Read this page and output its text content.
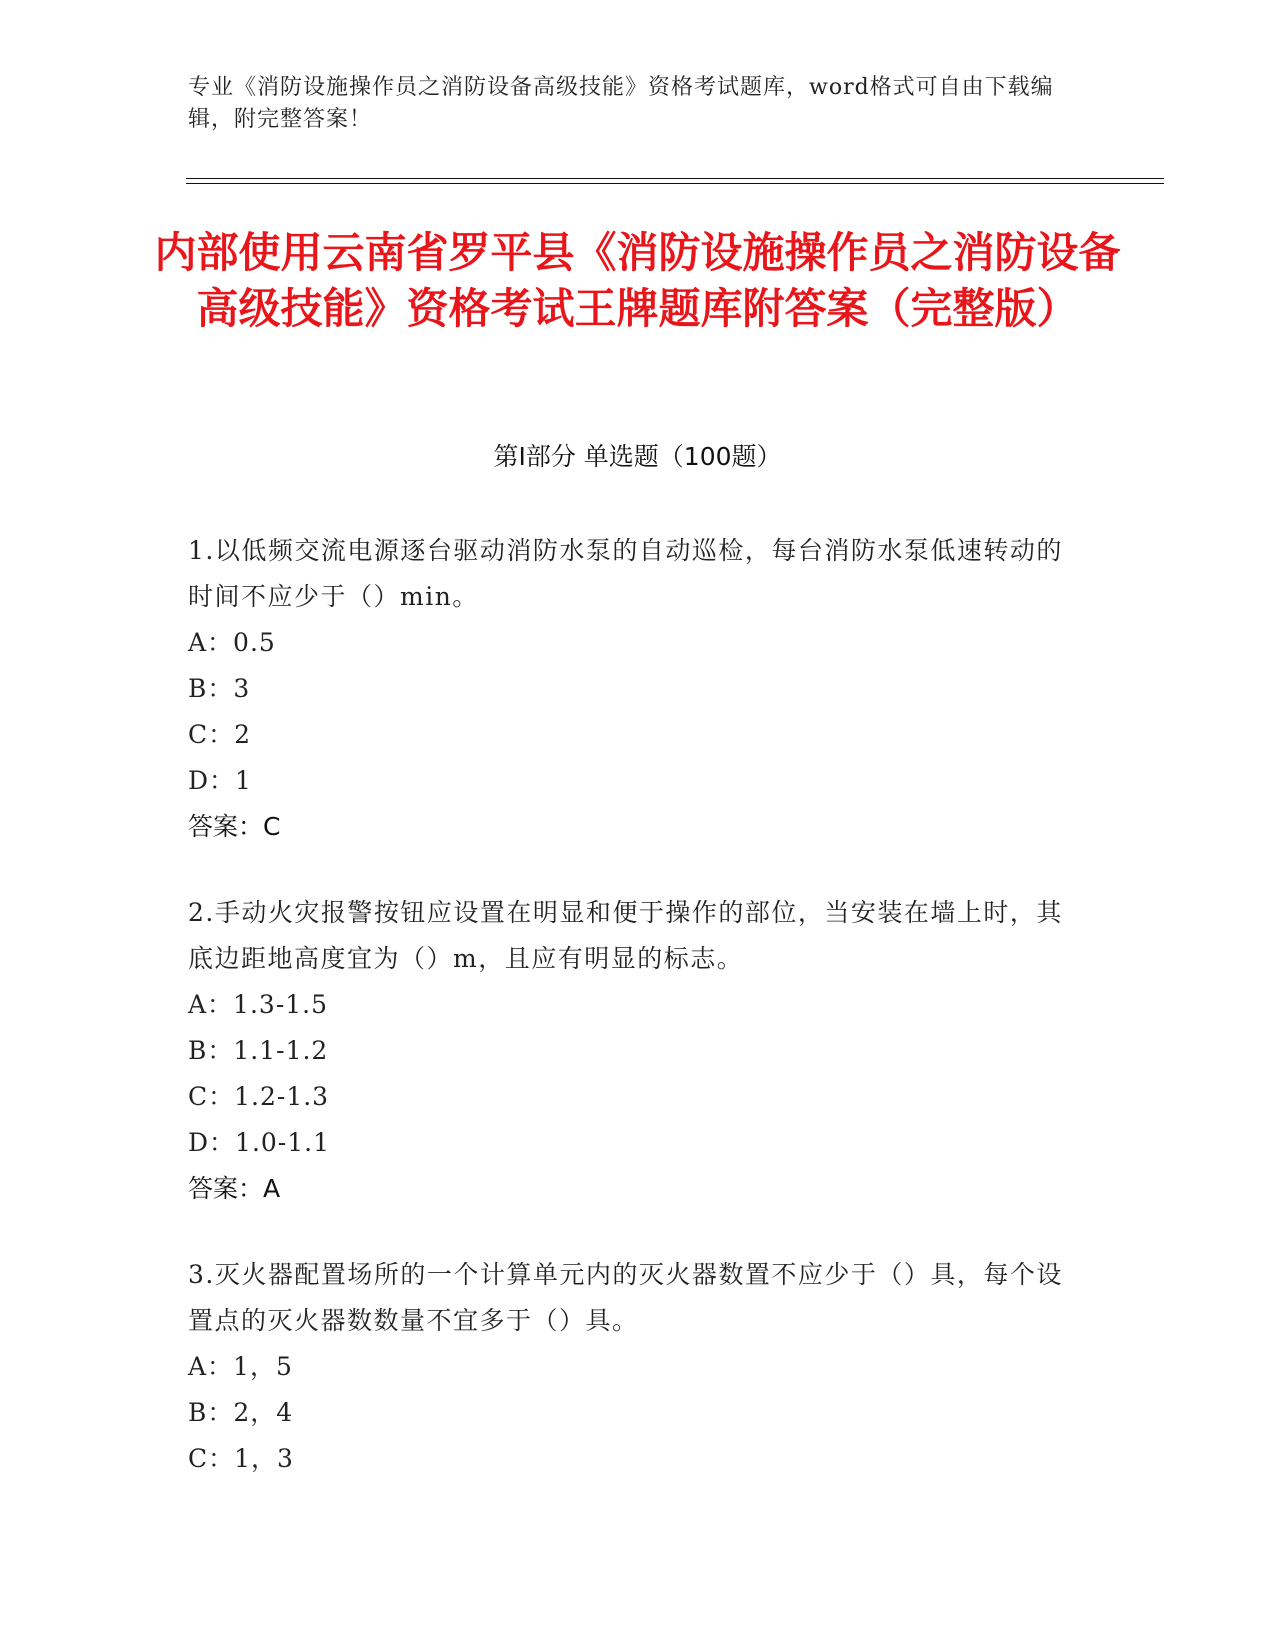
专业《消防设施操作员之消防设备高级技能》资格考试题库，word格式可自由下载编辑，附完整答案！
内部使用云南省罗平县《消防设施操作员之消防设备高级技能》资格考试王牌题库附答案（完整版）
第Ⅰ部分 单选题（100题）
1.以低频交流电源逐台驱动消防水泵的自动巡检，每台消防水泵低速转动的时间不应少于（）min。
A：0.5
B：3
C：2
D：1
答案：C
2.手动火灾报警按钮应设置在明显和便于操作的部位，当安装在墙上时，其底边距地高度宜为（）m，且应有明显的标志。
A：1.3-1.5
B：1.1-1.2
C：1.2-1.3
D：1.0-1.1
答案：A
3.灭火器配置场所的一个计算单元内的灭火器数置不应少于（）具，每个设置点的灭火器数数量不宜多于（）具。
A：1，5
B：2，4
C：1，3
